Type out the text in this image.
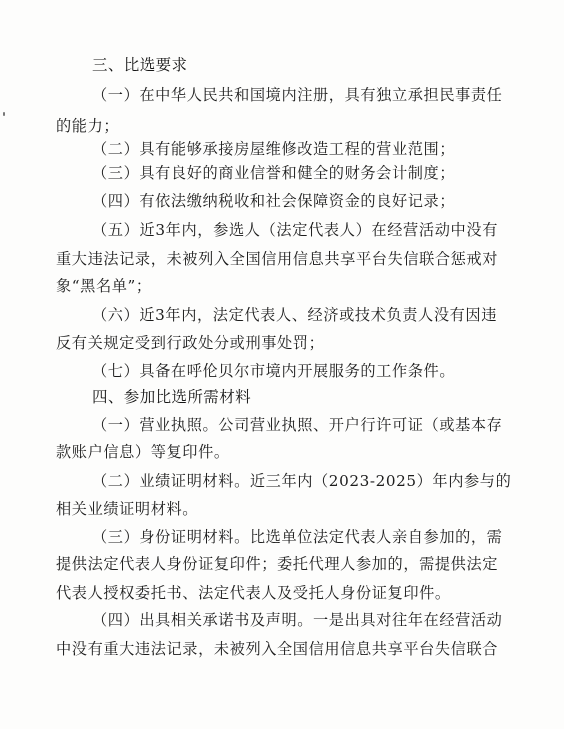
三、比选要求
（一）在中华人民共和国境内注册，具有独立承担民事责任
的能力；
（二）具有能够承接房屋维修改造工程的营业范围；
（三）具有良好的商业信誉和健全的财务会计制度；
（四）有依法缴纳税收和社会保障资金的良好记录；
（五）近3年内，参选人（法定代表人）在经营活动中没有
重大违法记录，未被列入全国信用信息共享平台失信联合惩戒对
象“黑名单”；
（六）近3年内，法定代表人、经济或技术负责人没有因违
反有关规定受到行政处分或刑事处罚；
（七）具备在呼伦贝尔市境内开展服务的工作条件。
四、参加比选所需材料
（一）营业执照。公司营业执照、开户行许可证（或基本存
款账户信息）等复印件。
（二）业绩证明材料。近三年内（2023-2025）年内参与的
相关业绩证明材料。
（三）身份证明材料。比选单位法定代表人亲自参加的，需
提供法定代表人身份证复印件；委托代理人参加的，需提供法定
代表人授权委托书、法定代表人及受托人身份证复印件。
（四）出具相关承诺书及声明。一是出具对往年在经营活动
中没有重大违法记录，未被列入全国信用信息共享平台失信联合
